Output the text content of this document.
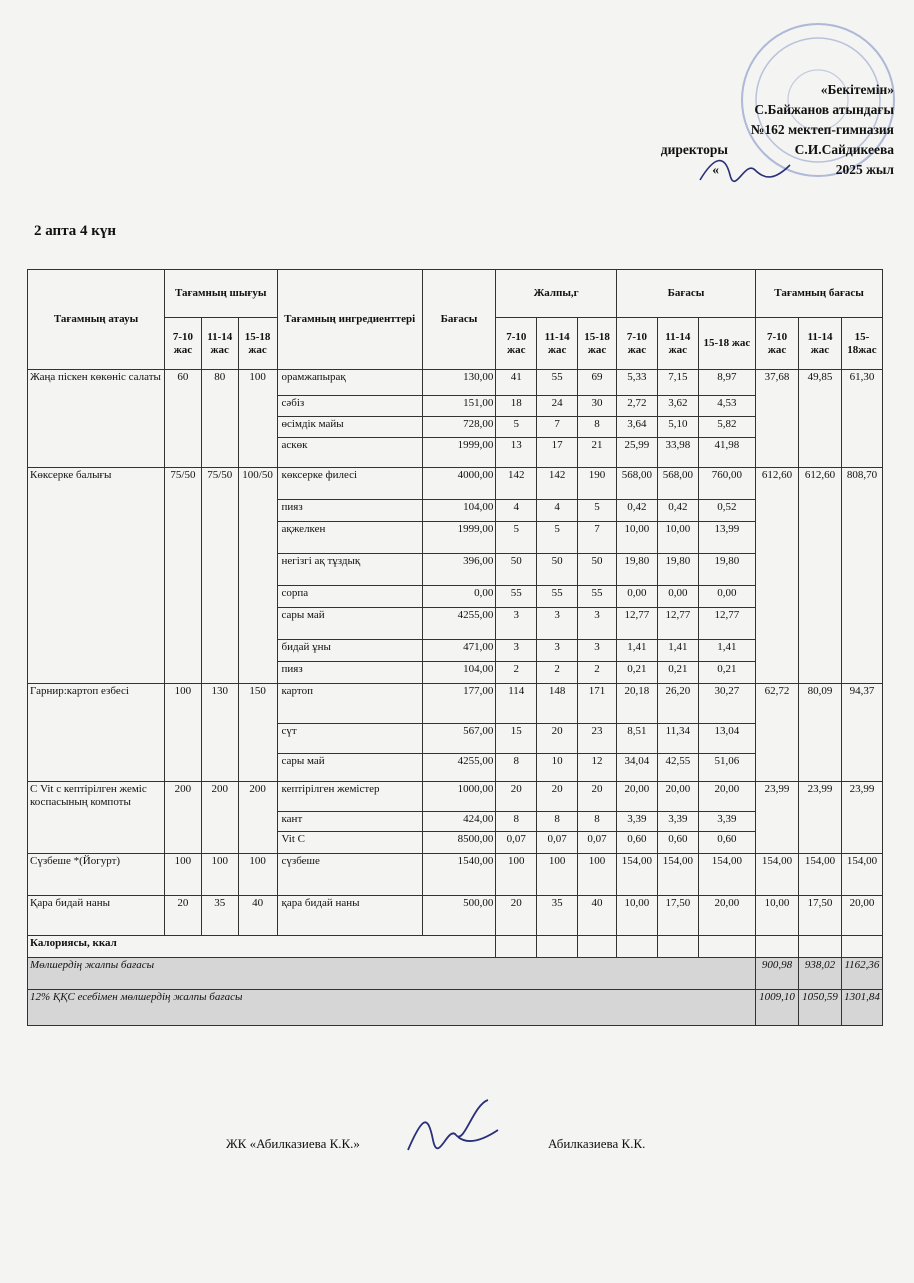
«Бекітемін»
С.Байжанов атындағы
№162 мектеп-гимназия
директоры	С.И.Сайдикеева
«	2025 жыл
2 апта 4 күн
Тағамның атауы	Тағамның шығуы			Тағамның ингредиенттері	Бағасы	Жалпы,г			Бағасы			Тағамның бағасы		
	7-10 жас	11-14 жас	15-18 жас			7-10 жас	11-14 жас	15-18 жас	7-10 жас	11-14 жас	15-18 жас	7-10 жас	11-14 жас	15-18жас
Жаңа піскен көкөніс салаты	60	80	100	орамжапырақ	130,00	41	55	69	5,33	7,15	8,97	37,68	49,85	61,30
				сәбіз	151,00	18	24	30	2,72	3,62	4,53			
				өсімдік майы	728,00	5	7	8	3,64	5,10	5,82			
				аскөк	1999,00	13	17	21	25,99	33,98	41,98			
Көксерке балығы	75/50	75/50	100/50	көксерке филесі	4000,00	142	142	190	568,00	568,00	760,00	612,60	612,60	808,70
				пияз	104,00	4	4	5	0,42	0,42	0,52			
				ақжелкен	1999,00	5	5	7	10,00	10,00	13,99			
				негізгі ақ тұздық	396,00	50	50	50	19,80	19,80	19,80			
				сорпа	0,00	55	55	55	0,00	0,00	0,00			
				сары май	4255,00	3	3	3	12,77	12,77	12,77			
				бидай ұны	471,00	3	3	3	1,41	1,41	1,41			
				пияз	104,00	2	2	2	0,21	0,21	0,21			
Гарнир:картоп езбесі	100	130	150	картоп	177,00	114	148	171	20,18	26,20	30,27	62,72	80,09	94,37
				сүт	567,00	15	20	23	8,51	11,34	13,04			
				сары май	4255,00	8	10	12	34,04	42,55	51,06			
С Vit с кептірілген жеміс коспасының компоты	200	200	200	кептірілген жемістер	1000,00	20	20	20	20,00	20,00	20,00	23,99	23,99	23,99
				кант	424,00	8	8	8	3,39	3,39	3,39			
				Vit C	8500,00	0,07	0,07	0,07	0,60	0,60	0,60			
Сүзбеше *(Йогурт)	100	100	100	сүзбеше	1540,00	100	100	100	154,00	154,00	154,00	154,00	154,00	154,00
Қара бидай наны	20	35	40	қара бидай наны	500,00	20	35	40	10,00	17,50	20,00	10,00	17,50	20,00
Калориясы, ккал														
Мөлшердің жалпы бағасы												900,98	938,02	1162,36
12% ҚҚС есебімен мөлшердің жалпы бағасы												1009,10	1050,59	1301,84
ЖК «Абилказиева К.К.»	Абилказиева К.К.
